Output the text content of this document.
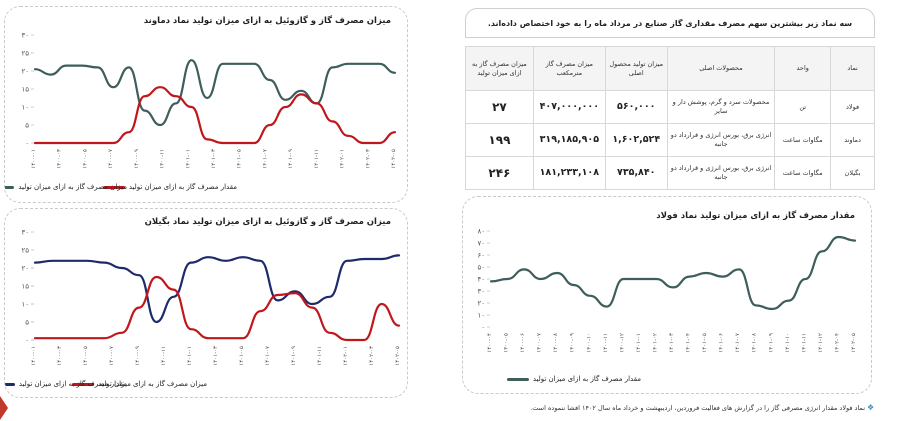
میزان مصرف گاز و گازوئیل به ازای میزان تولید نماد دماوند
۰
۵
۱۰
۱۵
۲۰
۲۵
۳۰
۱۴۰۰-۰۱	۱۴۰۰-۰۳	۱۴۰۰-۰۵	۱۴۰۰-۰۷	۱۴۰۰-۰۹	۱۴۰۰-۱۱	۱۴۰۱-۰۱	۱۴۰۱-۰۳	۱۴۰۱-۰۵	۱۴۰۱-۰۷	۱۴۰۱-۰۹	۱۴۰۱-۱۱	۱۴۰۲-۰۱	۱۴۰۲-۰۳	۱۴۰۲-۰۵
مقدار مصرف گاز به ازای میزان تولید
میزان مصرف گاز به ازای میزان تولید
میزان مصرف گاز و گازوئیل به ازای میزان تولید نماد بگیلان
۰
۵
۱۰
۱۵
۲۰
۲۵
۳۰
۱۴۰۰-۰۱	۱۴۰۰-۰۳	۱۴۰۰-۰۵	۱۴۰۰-۰۷	۱۴۰۰-۰۹	۱۴۰۰-۱۱	۱۴۰۱-۰۱	۱۴۰۱-۰۳	۱۴۰۱-۰۵	۱۴۰۱-۰۷	۱۴۰۱-۰۹	۱۴۰۱-۱۱	۱۴۰۲-۰۱	۱۴۰۲-۰۳	۱۴۰۲-۰۵
میزان مصرف گاز به ازای میزان تولید
مقدار مصرف گاز به ازای میزان تولید
مقدار مصرف گاز به ازای میزان تولید نماد فولاد
۰
۱۰
۲۰
۳۰
۴۰
۵۰
۶۰
۷۰
۸۰
۱۴۰۰-۰۴ ۱۴۰۰-۰۵ ۱۴۰۰-۰۶ ۱۴۰۰-۰۷ ۱۴۰۰-۰۸ ۱۴۰۰-۰۹ ۱۴۰۰-۱۰ ۱۴۰۰-۱۱ ۱۴۰۰-۱۲ ۱۴۰۱-۰۱ ۱۴۰۱-۰۲ ۱۴۰۱-۰۳ ۱۴۰۱-۰۴ ۱۴۰۱-۰۵ ۱۴۰۱-۰۶ ۱۴۰۱-۰۷ ۱۴۰۱-۰۸ ۱۴۰۱-۰۹ ۱۴۰۱-۱۰ ۱۴۰۱-۱۱ ۱۴۰۱-۱۲ ۱۴۰۲-۰۴ ۱۴۰۲-۰۵
مقدار مصرف گاز به ازای میزان تولید
سه نماد زیر بیشترین سهم مصرف مقداری گاز صنایع در مرداد ماه را به خود اختصاص داده‌اند.
نماد	واحد	محصولات اصلی	میزان تولید محصول اصلی	میزان مصرف گاز مترمکعب	میزان مصرف گاز به ازای میزان تولید
فولاد	تن	محصولات سرد و گرم، پوشش دار و سایر	۵۶۰,۰۰۰	۴۰۷,۰۰۰,۰۰۰	۲۷
دماوند	مگاوات ساعت	انرژی برق، بورس انرژی و قرارداد دو جانبه	۱,۶۰۲,۵۲۴	۳۱۹,۱۸۵,۹۰۵	۱۹۹
بگیلان	مگاوات ساعت	انرژی برق، بورس انرژی و قرارداد دو جانبه	۷۳۵,۸۴۰	۱۸۱,۲۳۳,۱۰۸	۲۴۶
نماد فولاد مقدار انرژی مصرفی گاز را در گزارش های فعالیت فروردین، اردیبهشت و خرداد ماه سال ۱۴۰۲ افشا ننموده است. ❖
